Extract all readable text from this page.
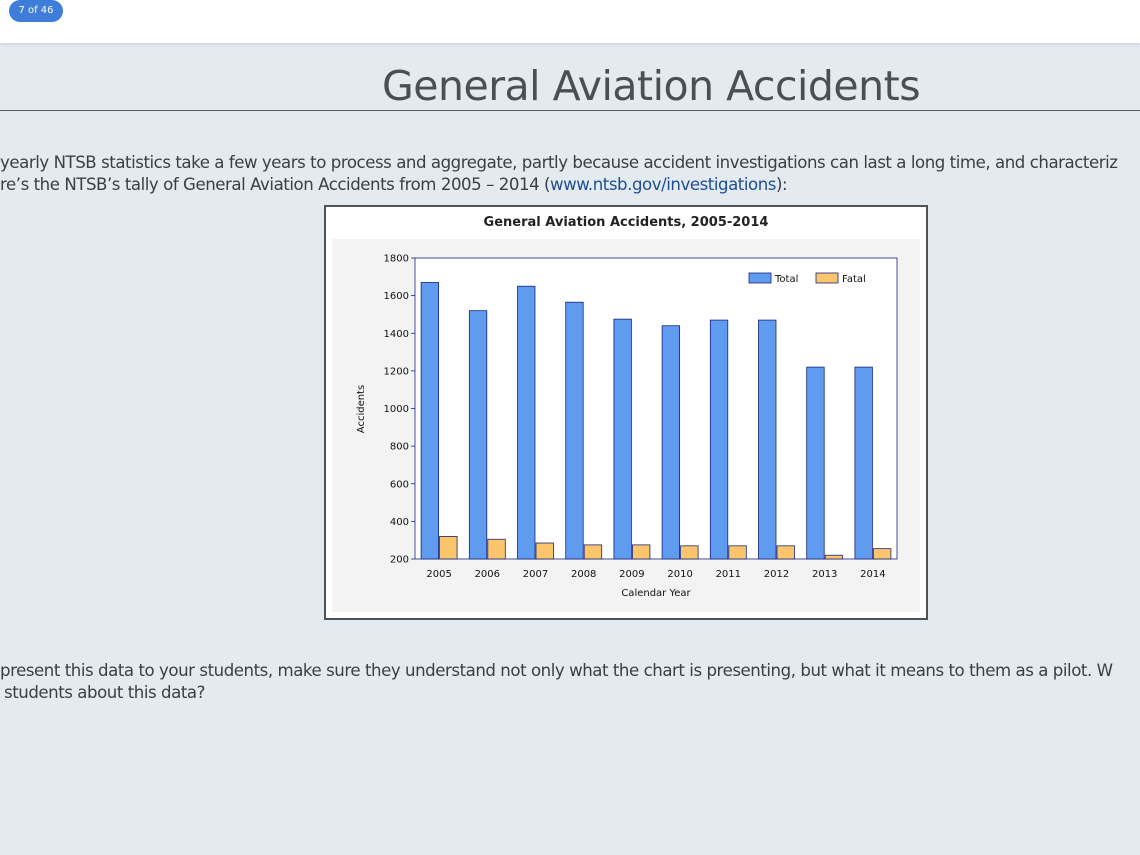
7 of 46
General Aviation Accidents
yearly NTSB statistics take a few years to process and aggregate, partly because accident investigations can last a long time, and characteriz
re’s the NTSB’s tally of General Aviation Accidents from 2005 – 2014 (www.ntsb.gov/investigations):
General Aviation Accidents, 2005-2014
200
400
600
800
1000
1200
1400
1600
1800
2005 2006 2007 2008 2009 2010 2011 2012 2013 2014
Accidents
Calendar Year
Total	Fatal
present this data to your students, make sure they understand not only what the chart is presenting, but what it means to them as a pilot. W
students about this data?
